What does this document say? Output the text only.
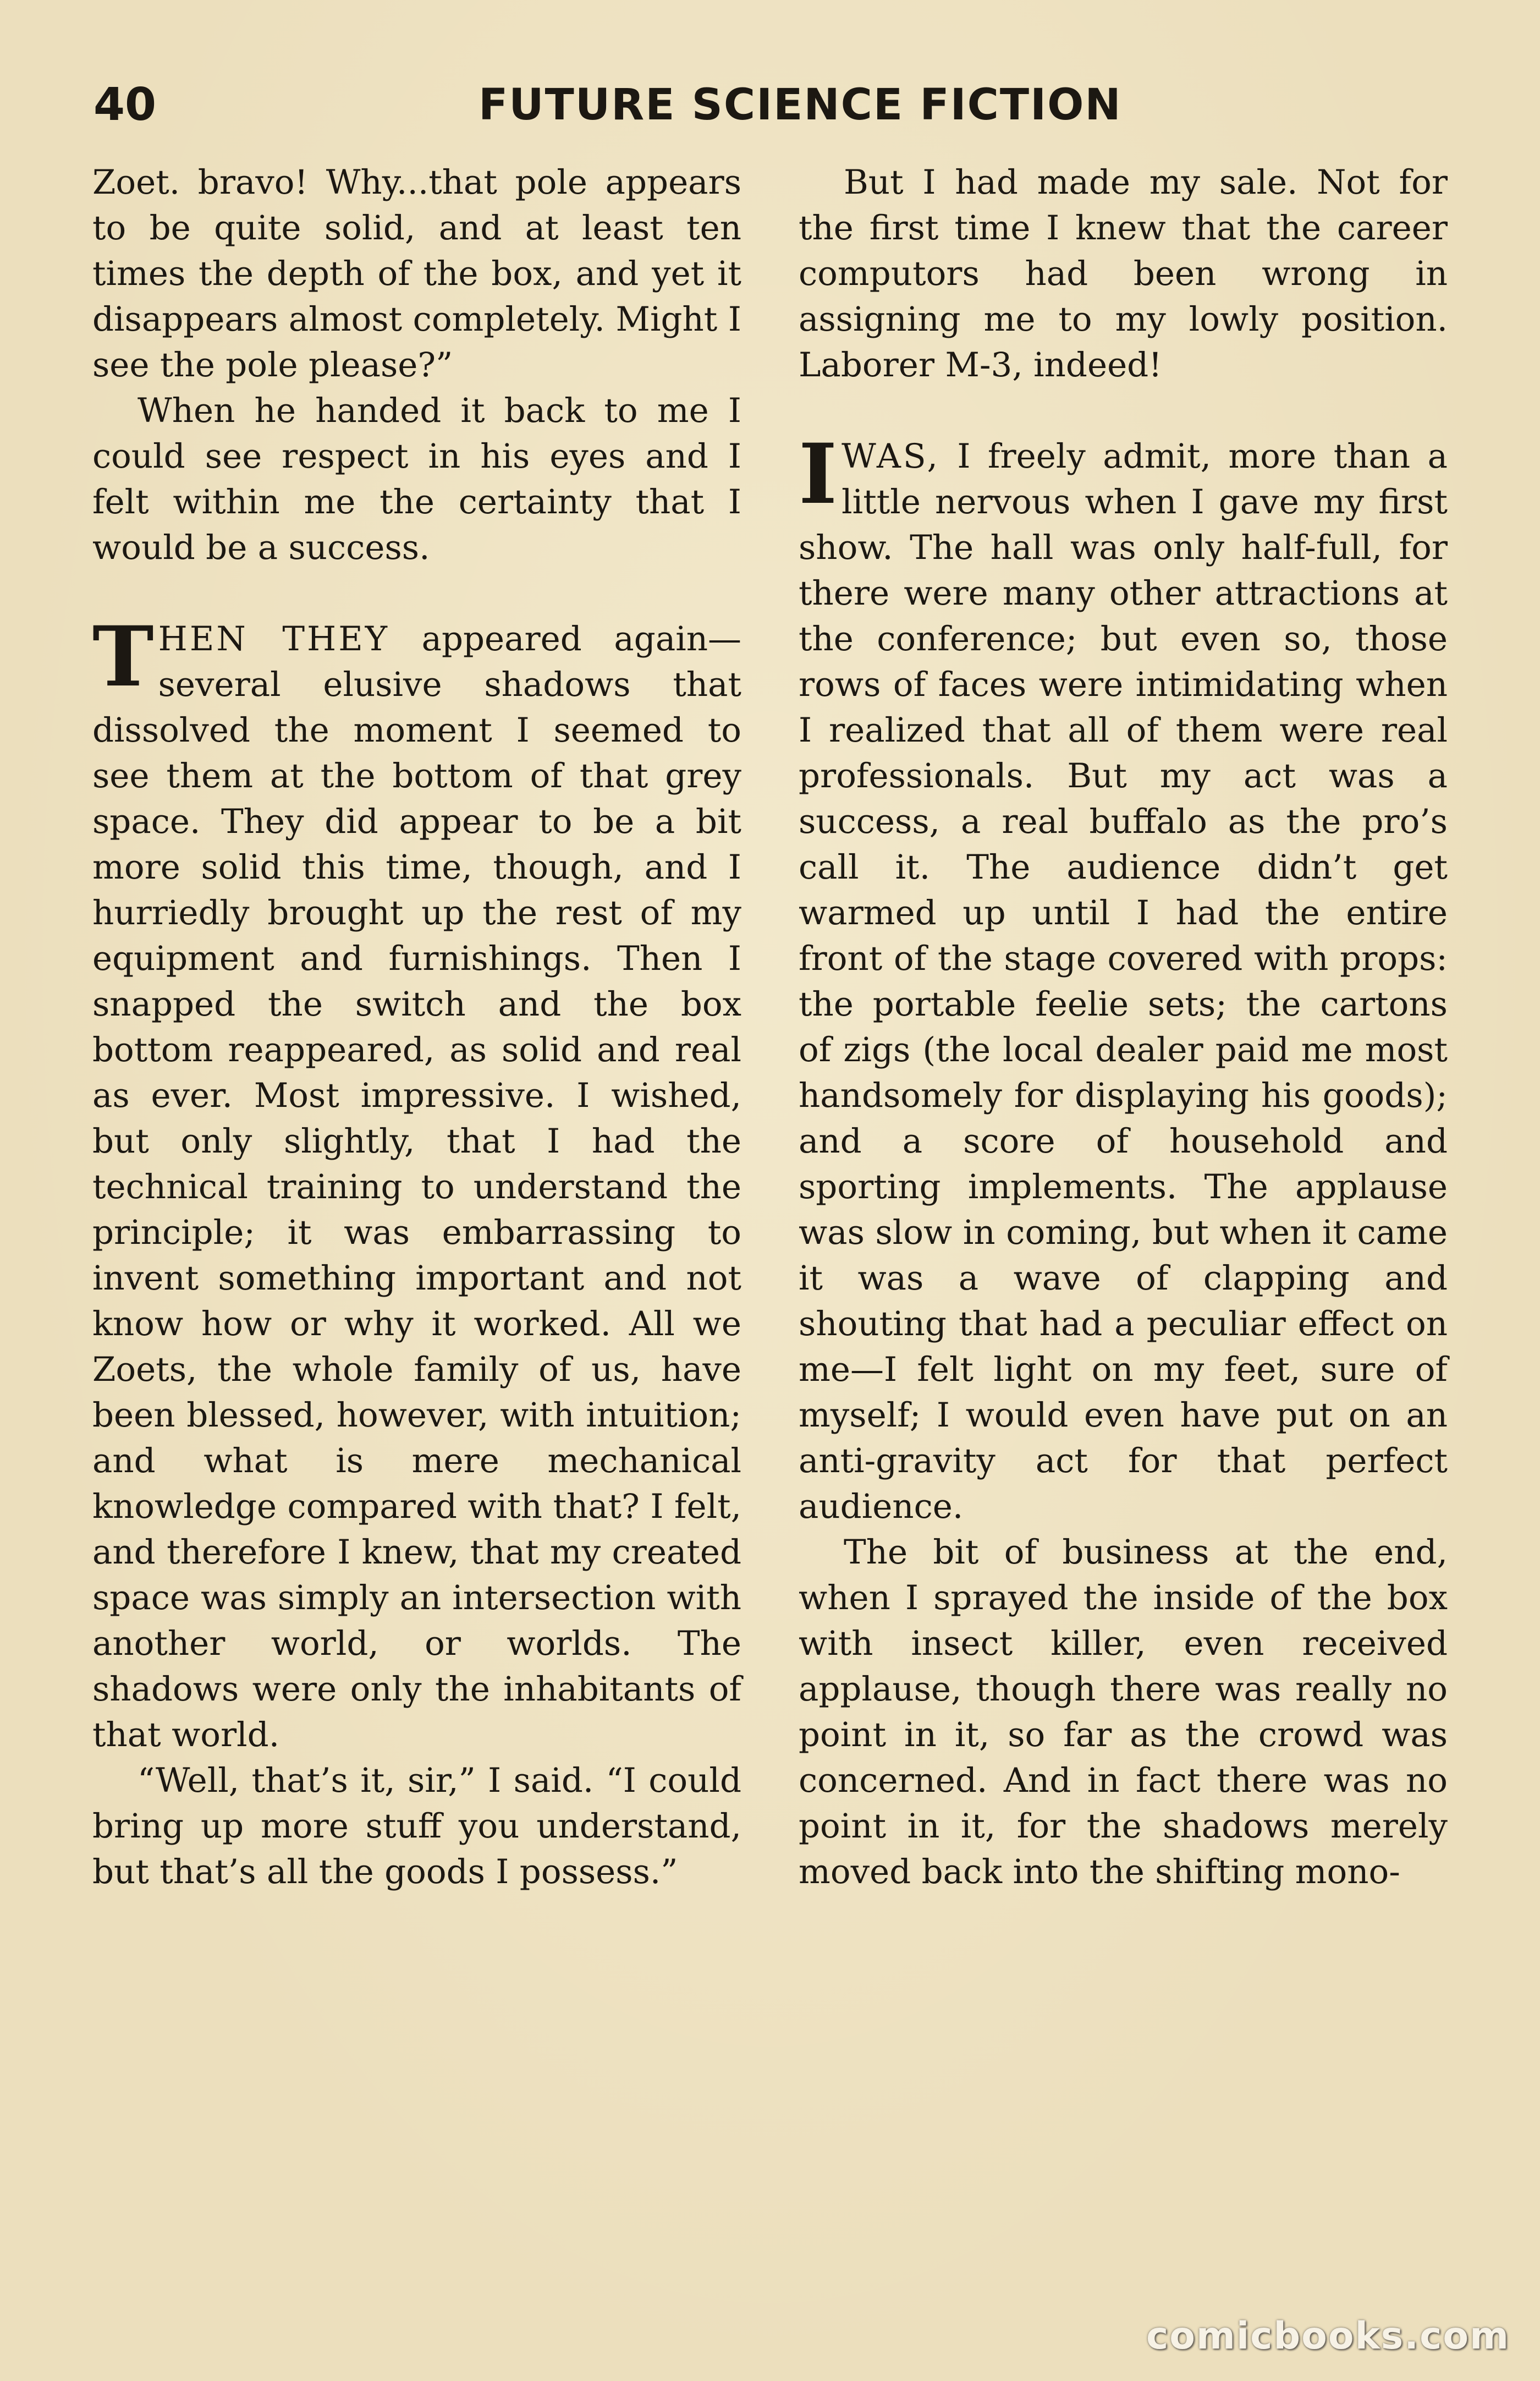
40	FUTURE SCIENCE FICTION

Zoet. bravo! Why...that pole appears to be quite solid, and at least ten times the depth of the box, and yet it disappears almost completely. Might I see the pole please?”

When he handed it back to me I could see respect in his eyes and I felt within me the certainty that I would be a success.

THEN THEY appeared again—several elusive shadows that dissolved the moment I seemed to see them at the bottom of that grey space. They did appear to be a bit more solid this time, though, and I hurriedly brought up the rest of my equipment and furnishings. Then I snapped the switch and the box bottom reappeared, as solid and real as ever. Most impressive. I wished, but only slightly, that I had the technical training to understand the principle; it was embarrassing to invent something important and not know how or why it worked. All we Zoets, the whole family of us, have been blessed, however, with intuition; and what is mere mechanical knowledge compared with that? I felt, and therefore I knew, that my created space was simply an intersection with another world, or worlds. The shadows were only the inhabitants of that world.

“Well, that’s it, sir,” I said. “I could bring up more stuff you understand, but that’s all the goods I possess.”

But I had made my sale. Not for the first time I knew that the career computors had been wrong in assigning me to my lowly position. Laborer M-3, indeed!

I WAS, I freely admit, more than a little nervous when I gave my first show. The hall was only half-full, for there were many other attractions at the conference; but even so, those rows of faces were intimidating when I realized that all of them were real professionals. But my act was a success, a real buffalo as the pro’s call it. The audience didn’t get warmed up until I had the entire front of the stage covered with props: the portable feelie sets; the cartons of zigs (the local dealer paid me most handsomely for displaying his goods); and a score of household and sporting implements. The applause was slow in coming, but when it came it was a wave of clapping and shouting that had a peculiar effect on me—I felt light on my feet, sure of myself; I would even have put on an anti-gravity act for that perfect audience.

The bit of business at the end, when I sprayed the inside of the box with insect killer, even received applause, though there was really no point in it, so far as the crowd was concerned. And in fact there was no point in it, for the shadows merely moved back into the shifting mono-

comicbooks.com
